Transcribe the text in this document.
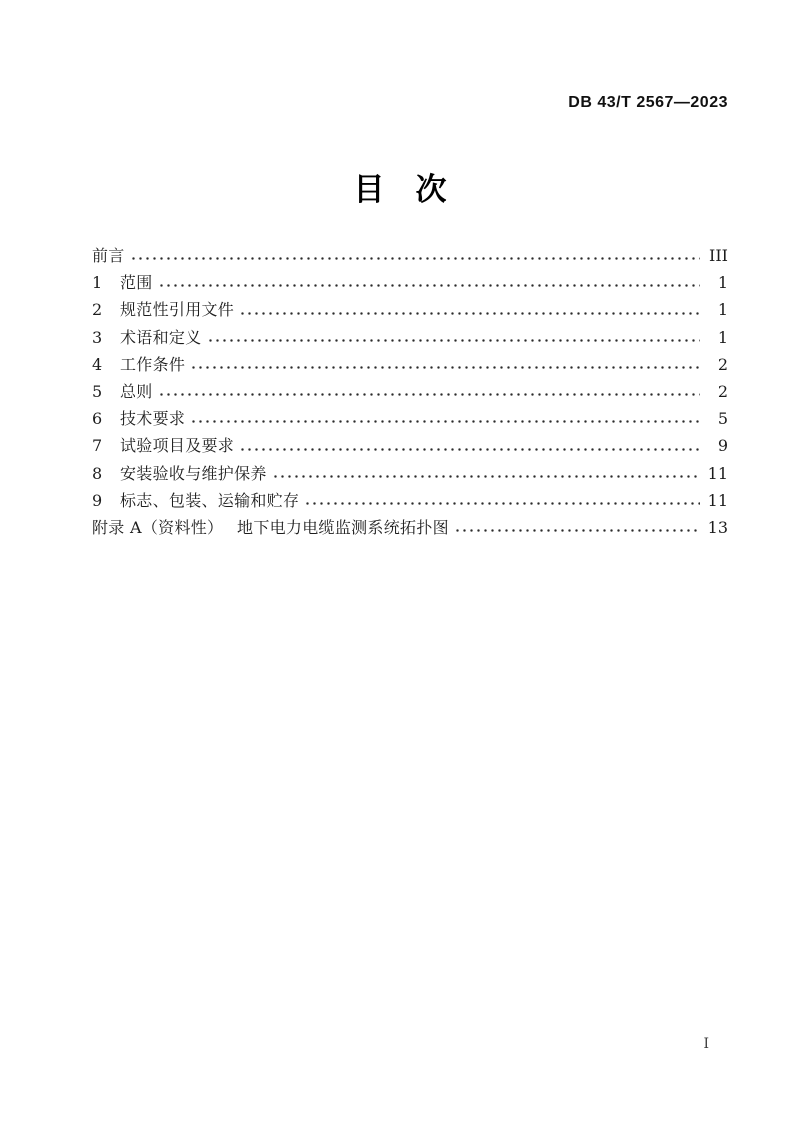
DB 43/T 2567—2023
目　次
前言	III
1	范围	1
2	规范性引用文件	1
3	术语和定义	1
4	工作条件	2
5	总则	2
6	技术要求	5
7	试验项目及要求	9
8	安装验收与维护保养	11
9	标志、包装、运输和贮存	11
附录 A（资料性）　 地下电力电缆监测系统拓扑图	13
I
